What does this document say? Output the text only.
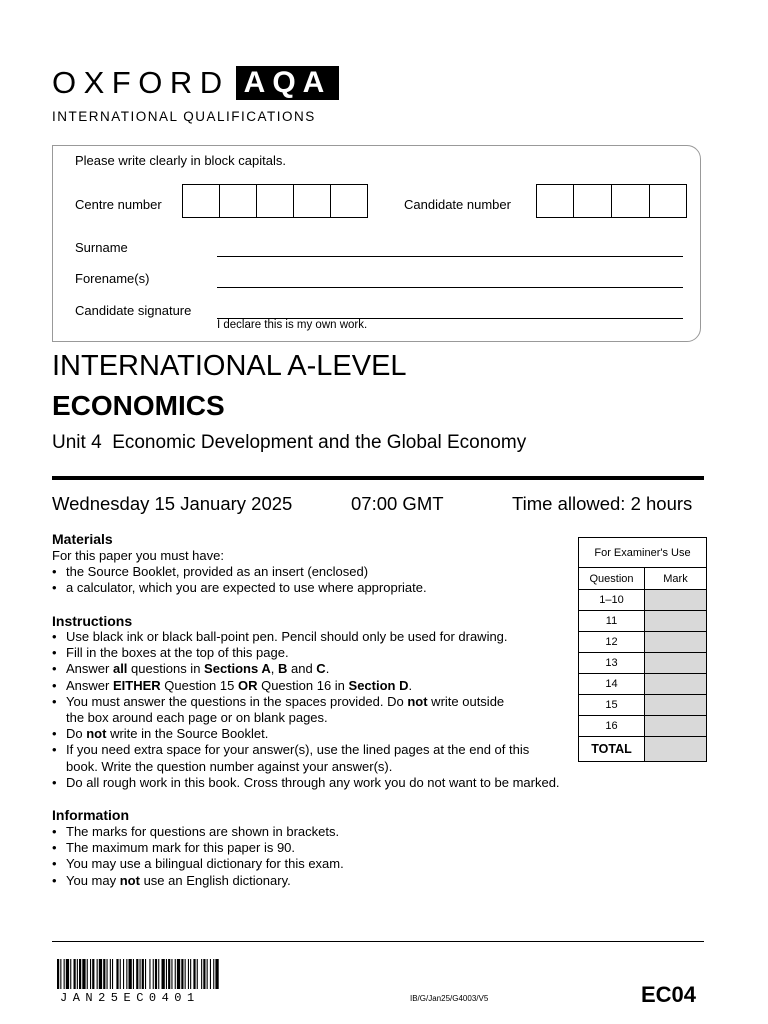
OXFORD AQA
INTERNATIONAL QUALIFICATIONS
Please write clearly in block capitals.
Centre number	Candidate number
Surname
Forename(s)
Candidate signature
I declare this is my own work.
INTERNATIONAL A-LEVEL
ECONOMICS
Unit 4  Economic Development and the Global Economy
Wednesday 15 January 2025	07:00 GMT	Time allowed: 2 hours
Materials
For this paper you must have:
• the Source Booklet, provided as an insert (enclosed)
• a calculator, which you are expected to use where appropriate.
Instructions
• Use black ink or black ball-point pen. Pencil should only be used for drawing.
• Fill in the boxes at the top of this page.
• Answer all questions in Sections A, B and C.
• Answer EITHER Question 15 OR Question 16 in Section D.
• You must answer the questions in the spaces provided. Do not write outside the box around each page or on blank pages.
• Do not write in the Source Booklet.
• If you need extra space for your answer(s), use the lined pages at the end of this book. Write the question number against your answer(s).
• Do all rough work in this book. Cross through any work you do not want to be marked.
Information
• The marks for questions are shown in brackets.
• The maximum mark for this paper is 90.
• You may use a bilingual dictionary for this exam.
• You may not use an English dictionary.
For Examiner's Use	
Question	Mark
1–10	
11	
12	
13	
14	
15	
16	
TOTAL	
JAN25EC0401	IB/G/Jan25/G4003/V5	EC04
